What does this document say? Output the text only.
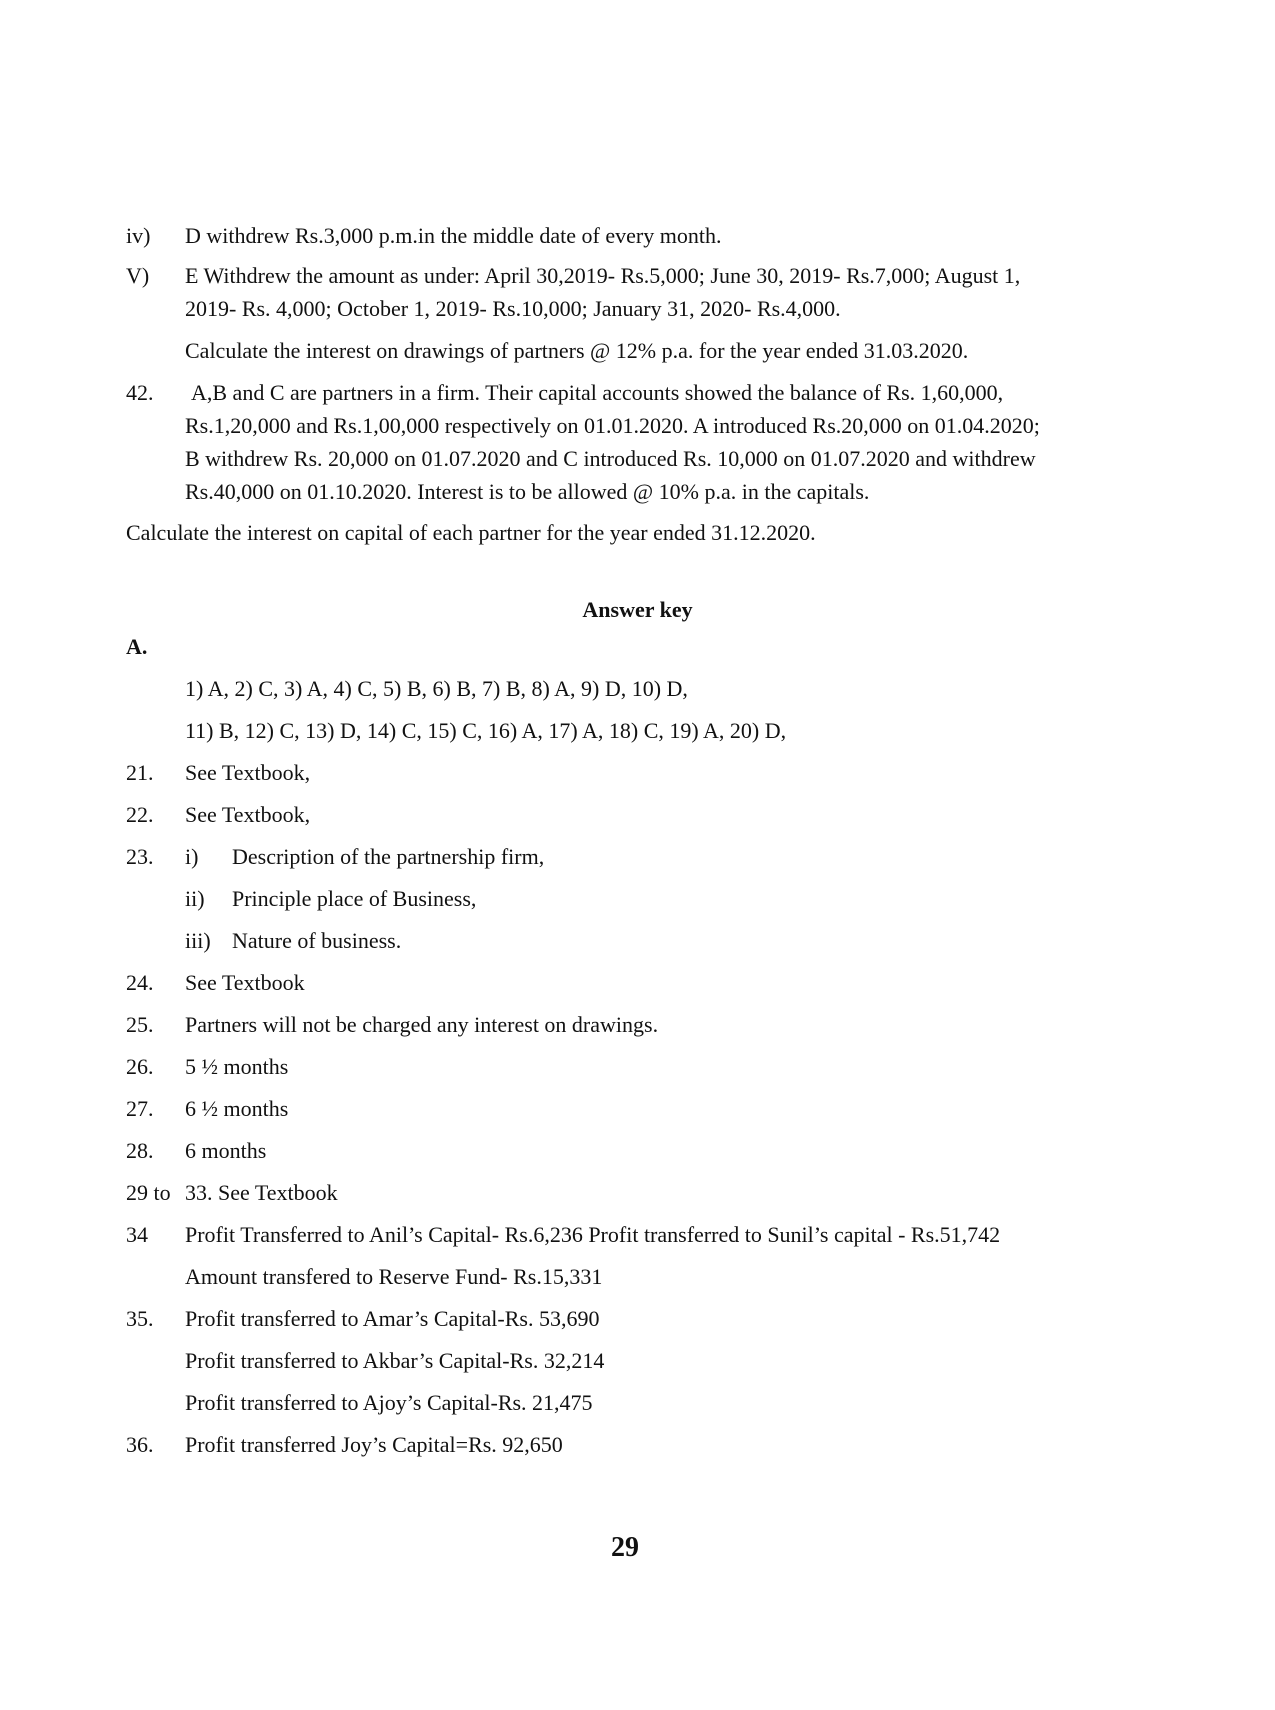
iv) D withdrew Rs.3,000 p.m.in the middle date of every month.
V) E Withdrew the amount as under: April 30,2019- Rs.5,000; June 30, 2019- Rs.7,000; August 1,
2019- Rs. 4,000; October 1, 2019- Rs.10,000; January 31, 2020- Rs.4,000.
Calculate the interest on drawings of partners @ 12% p.a. for the year ended 31.03.2020.
42. A,B and C are partners in a firm. Their capital accounts showed the balance of Rs. 1,60,000,
Rs.1,20,000 and Rs.1,00,000 respectively on 01.01.2020. A introduced Rs.20,000 on 01.04.2020;
B withdrew Rs. 20,000 on 01.07.2020 and C introduced Rs. 10,000 on 01.07.2020 and withdrew
Rs.40,000 on 01.10.2020. Interest is to be allowed @ 10% p.a. in the capitals.
Calculate the interest on capital of each partner for the year ended 31.12.2020.
Answer key
A.
1) A, 2) C, 3) A, 4) C, 5) B, 6) B, 7) B, 8) A, 9) D, 10) D,
11) B, 12) C, 13) D, 14) C, 15) C, 16) A, 17) A, 18) C, 19) A, 20) D,
21. See Textbook,
22. See Textbook,
23. i) Description of the partnership firm,
ii) Principle place of Business,
iii) Nature of business.
24. See Textbook
25. Partners will not be charged any interest on drawings.
26. 5 ½ months
27. 6 ½ months
28. 6 months
29 to 33. See Textbook
34 Profit Transferred to Anil’s Capital- Rs.6,236 Profit transferred to Sunil’s capital - Rs.51,742
Amount transfered to Reserve Fund- Rs.15,331
35. Profit transferred to Amar’s Capital-Rs. 53,690
Profit transferred to Akbar’s Capital-Rs. 32,214
Profit transferred to Ajoy’s Capital-Rs. 21,475
36. Profit transferred Joy’s Capital=Rs. 92,650
29
